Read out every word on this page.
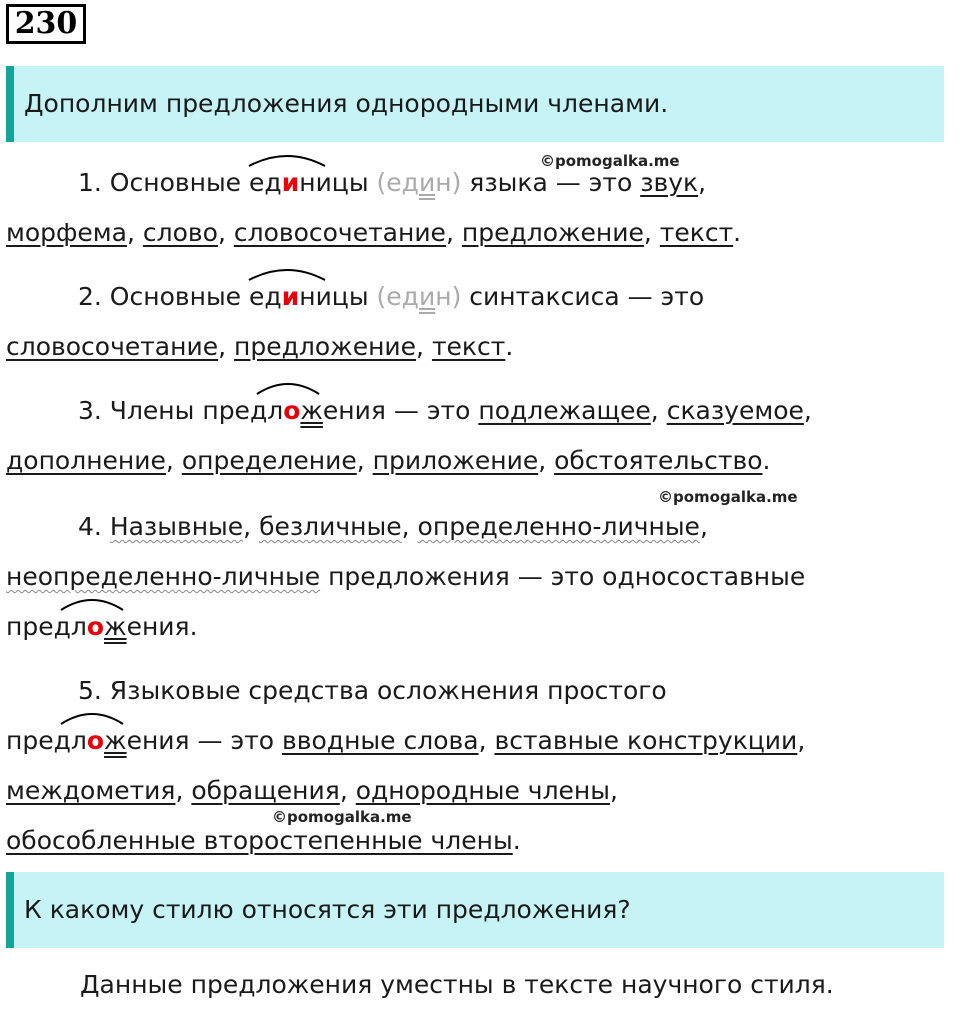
230
Дополним предложения однородными членами.
©pomogalka.me
©pomogalka.me
©pomogalka.me
1. Основные
единицы (един) языка — это звук,
морфема, слово, словосочетание, предложение, текст.
2. Основные
единицы (един) синтаксиса — это
словосочетание, предложение, текст.
3. Члены предл
ожения — это подлежащее, сказуемое,
дополнение, определение, приложение, обстоятельство.
4. Назывные, безличные, определенно-личные,
неопределенно-личные предложения — это односоставные
предл
ожения.
5. Языковые средства осложнения простого
предл
ожения — это вводные слова, вставные конструкции,
междометия, обращения, однородные члены,
обособленные второстепенные члены.
К какому стилю относятся эти предложения?
Данные предложения уместны в тексте научного стиля.
